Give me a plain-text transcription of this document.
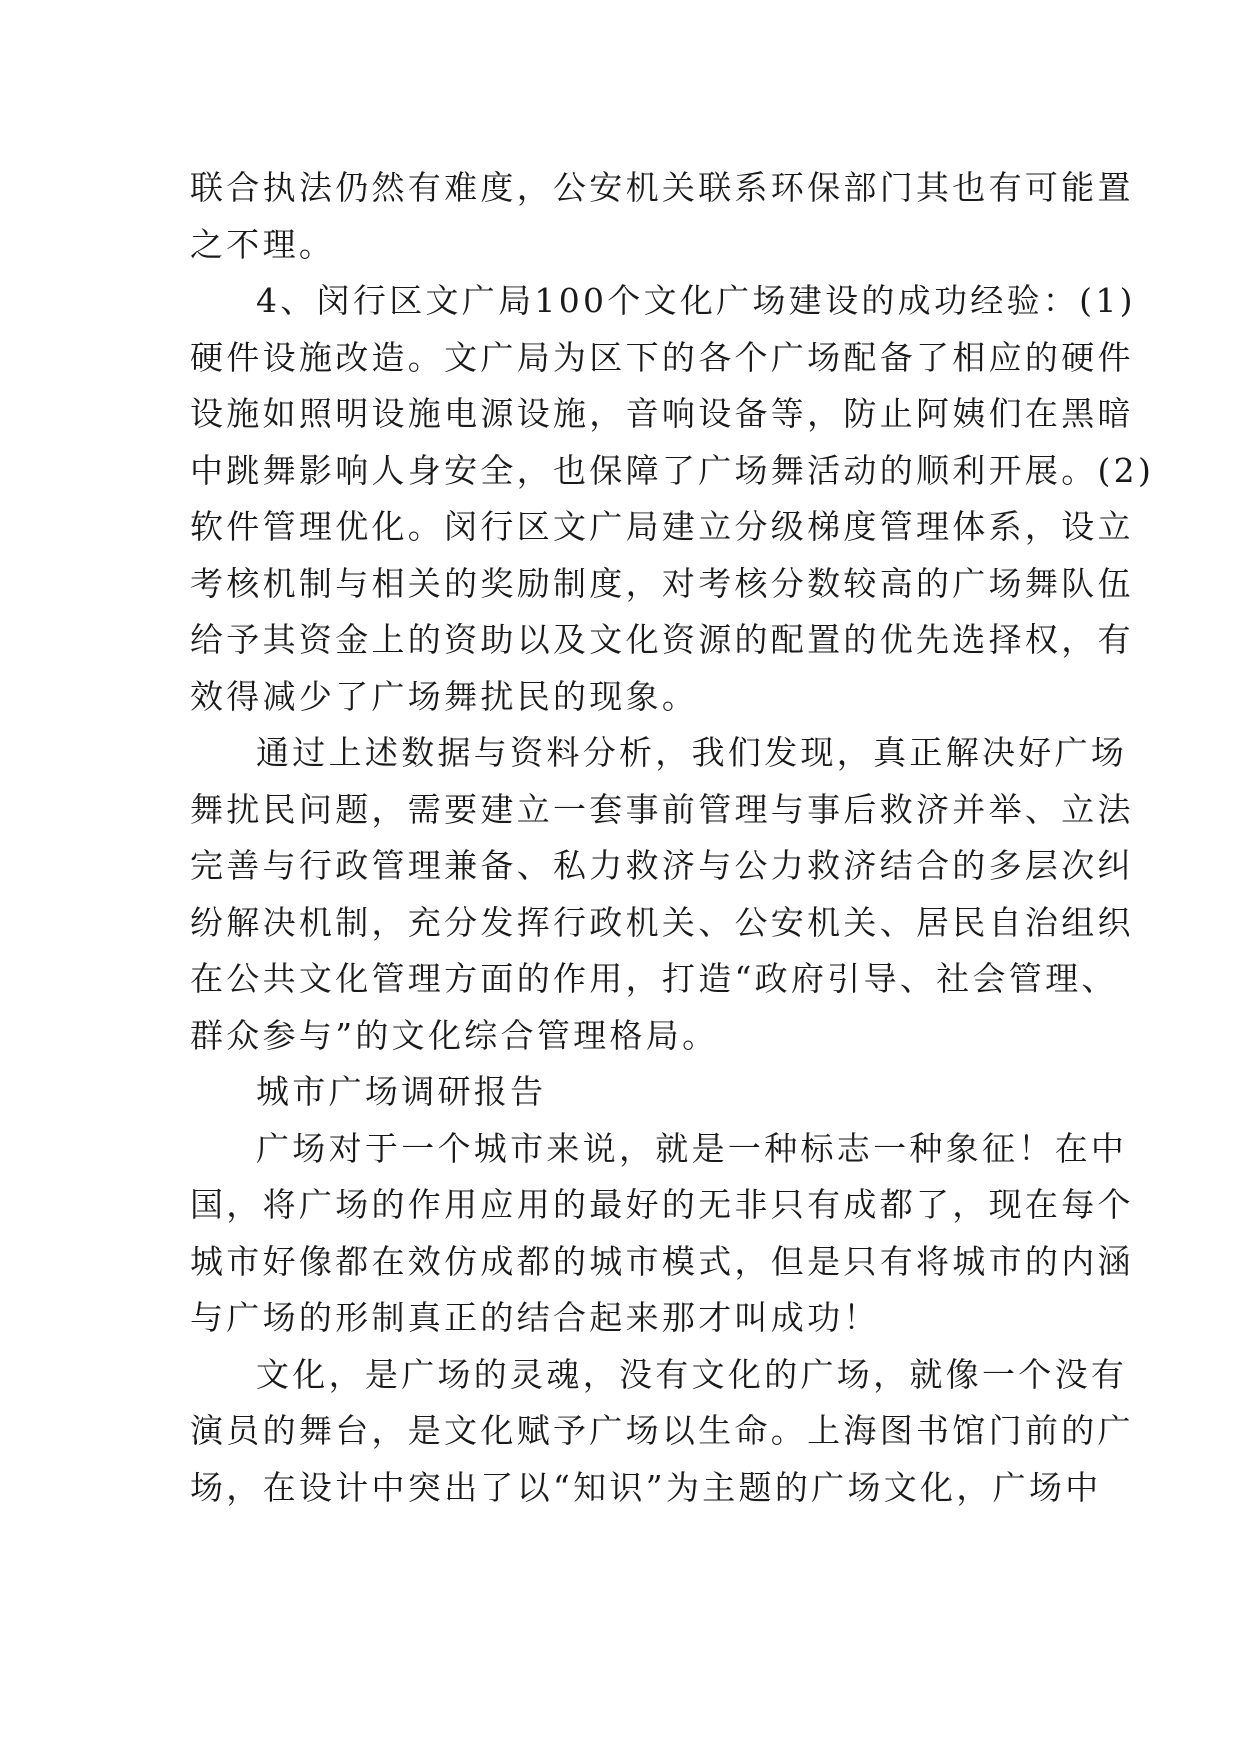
联合执法仍然有难度，公安机关联系环保部门其也有可能置
之不理。
4、闵行区文广局100个文化广场建设的成功经验：(1)
硬件设施改造。文广局为区下的各个广场配备了相应的硬件
设施如照明设施电源设施，音响设备等，防止阿姨们在黑暗
中跳舞影响人身安全，也保障了广场舞活动的顺利开展。(2)
软件管理优化。闵行区文广局建立分级梯度管理体系，设立
考核机制与相关的奖励制度，对考核分数较高的广场舞队伍
给予其资金上的资助以及文化资源的配置的优先选择权，有
效得减少了广场舞扰民的现象。
通过上述数据与资料分析，我们发现，真正解决好广场
舞扰民问题，需要建立一套事前管理与事后救济并举、立法
完善与行政管理兼备、私力救济与公力救济结合的多层次纠
纷解决机制，充分发挥行政机关、公安机关、居民自治组织
在公共文化管理方面的作用，打造“政府引导、社会管理、
群众参与”的文化综合管理格局。
城市广场调研报告
广场对于一个城市来说，就是一种标志一种象征！在中
国，将广场的作用应用的最好的无非只有成都了，现在每个
城市好像都在效仿成都的城市模式，但是只有将城市的内涵
与广场的形制真正的结合起来那才叫成功！
文化，是广场的灵魂，没有文化的广场，就像一个没有
演员的舞台，是文化赋予广场以生命。上海图书馆门前的广
场，在设计中突出了以“知识”为主题的广场文化，广场中
